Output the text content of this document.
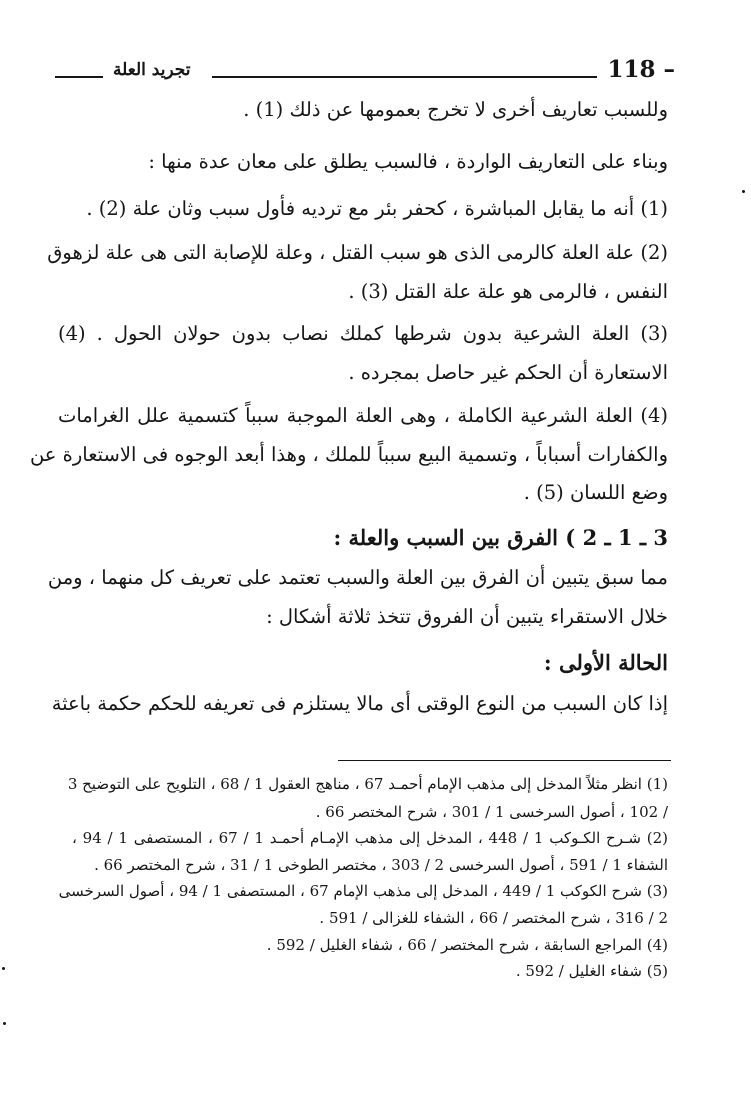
118 –
تجريد العلة
وللسبب تعاريف أخرى لا تخرج بعمومها عن ذلك (1) .
وبناء على التعاريف الواردة ، فالسبب يطلق على معان عدة منها :
(1) أنه ما يقابل المباشرة ، كحفر بئر مع ترديه فأول سبب وثان علة (2) .
(2) علة العلة كالرمى الذى هو سبب القتل ، وعلة للإصابة التى هى علة لزهوق
النفس ، فالرمى هو علة علة القتل (3) .
(3) العلة الشرعية بدون شرطها كملك نصاب بدون حولان الحول . (4)
الاستعارة أن الحكم غير حاصل بمجرده .
(4) العلة الشرعية الكاملة ، وهى العلة الموجبة سبباً كتسمية علل الغرامات
والكفارات أسباباً ، وتسمية البيع سبباً للملك ، وهذا أبعد الوجوه فى الاستعارة عن
وضع اللسان (5) .
3 ـ 1 ـ 2 ) الفرق بين السبب والعلة :
مما سبق يتبين أن الفرق بين العلة والسبب تعتمد على تعريف كل منهما ، ومن
خلال الاستقراء يتبين أن الفروق تتخذ ثلاثة أشكال :
الحالة الأولى :
إذا كان السبب من النوع الوقتى أى مالا يستلزم فى تعريفه للحكم حكمة باعثة
(1) انظر مثلاً المدخل إلى مذهب الإمام أحمـد 67 ، مناهج العقول 1 / 68 ، التلويح على التوضيح 3
/ 102 ، أصول السرخسى 1 / 301 ، شرح المختصر 66 .
(2) شـرح الكـوكب 1 / 448 ، المدخل إلى مذهب الإمـام أحمـد 1 / 67 ، المستصفى 1 / 94 ،
الشفاء 1 / 591 ، أصول السرخسى 2 / 303 ، مختصر الطوخى 1 / 31 ، شرح المختصر 66 .
(3) شرح الكوكب 1 / 449 ، المدخل إلى مذهب الإمام 67 ، المستصفى 1 / 94 ، أصول السرخسى
2 / 316 ، شرح المختصر / 66 ، الشفاء للغزالى / 591 .
(4) المراجع السابقة ، شرح المختصر / 66 ، شفاء الغليل / 592 .
(5) شفاء الغليل / 592 .
